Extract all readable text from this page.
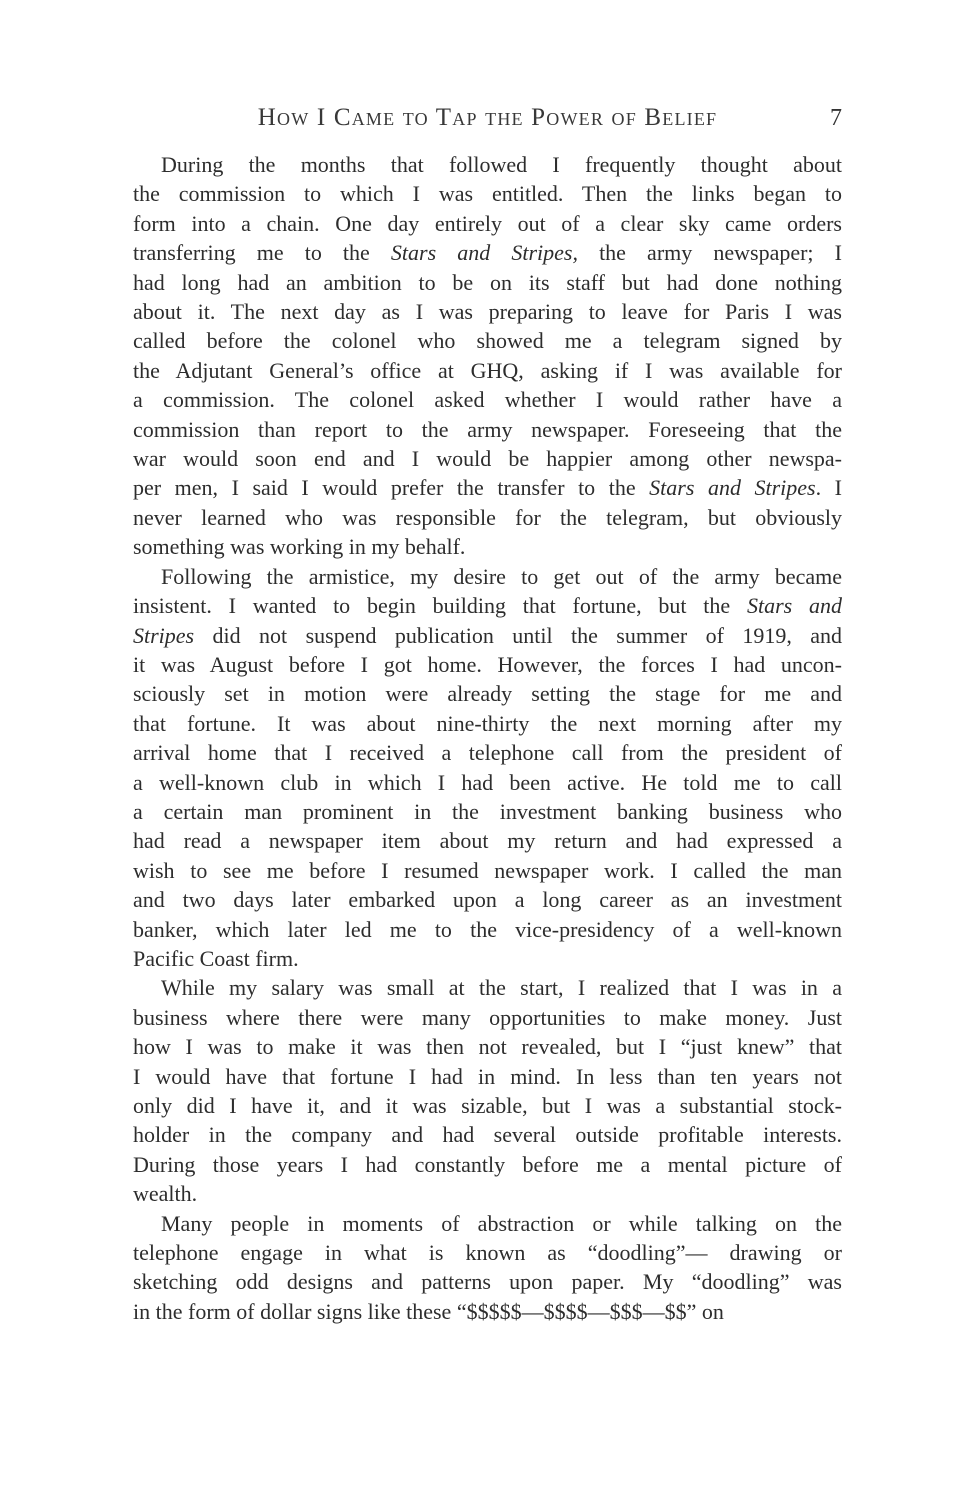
How I Came to Tap the Power of Belief	7

During the months that followed I frequently thought about
the commission to which I was entitled. Then the links began to
form into a chain. One day entirely out of a clear sky came orders
transferring me to the Stars and Stripes, the army newspaper; I
had long had an ambition to be on its staff but had done nothing
about it. The next day as I was preparing to leave for Paris I was
called before the colonel who showed me a telegram signed by
the Adjutant General’s office at GHQ, asking if I was available for
a commission. The colonel asked whether I would rather have a
commission than report to the army newspaper. Foreseeing that the
war would soon end and I would be happier among other newspa-
per men, I said I would prefer the transfer to the Stars and Stripes. I
never learned who was responsible for the telegram, but obviously
something was working in my behalf.

Following the armistice, my desire to get out of the army became
insistent. I wanted to begin building that fortune, but the Stars and
Stripes did not suspend publication until the summer of 1919, and
it was August before I got home. However, the forces I had uncon-
sciously set in motion were already setting the stage for me and
that fortune. It was about nine-thirty the next morning after my
arrival home that I received a telephone call from the president of
a well-known club in which I had been active. He told me to call
a certain man prominent in the investment banking business who
had read a newspaper item about my return and had expressed a
wish to see me before I resumed newspaper work. I called the man
and two days later embarked upon a long career as an investment
banker, which later led me to the vice-presidency of a well-known
Pacific Coast firm.

While my salary was small at the start, I realized that I was in a
business where there were many opportunities to make money. Just
how I was to make it was then not revealed, but I “just knew” that
I would have that fortune I had in mind. In less than ten years not
only did I have it, and it was sizable, but I was a substantial stock-
holder in the company and had several outside profitable interests.
During those years I had constantly before me a mental picture of
wealth.

Many people in moments of abstraction or while talking on the
telephone engage in what is known as “doodling”— drawing or
sketching odd designs and patterns upon paper. My “doodling” was
in the form of dollar signs like these “$$$$$—$$$$—$$$—$$” on
